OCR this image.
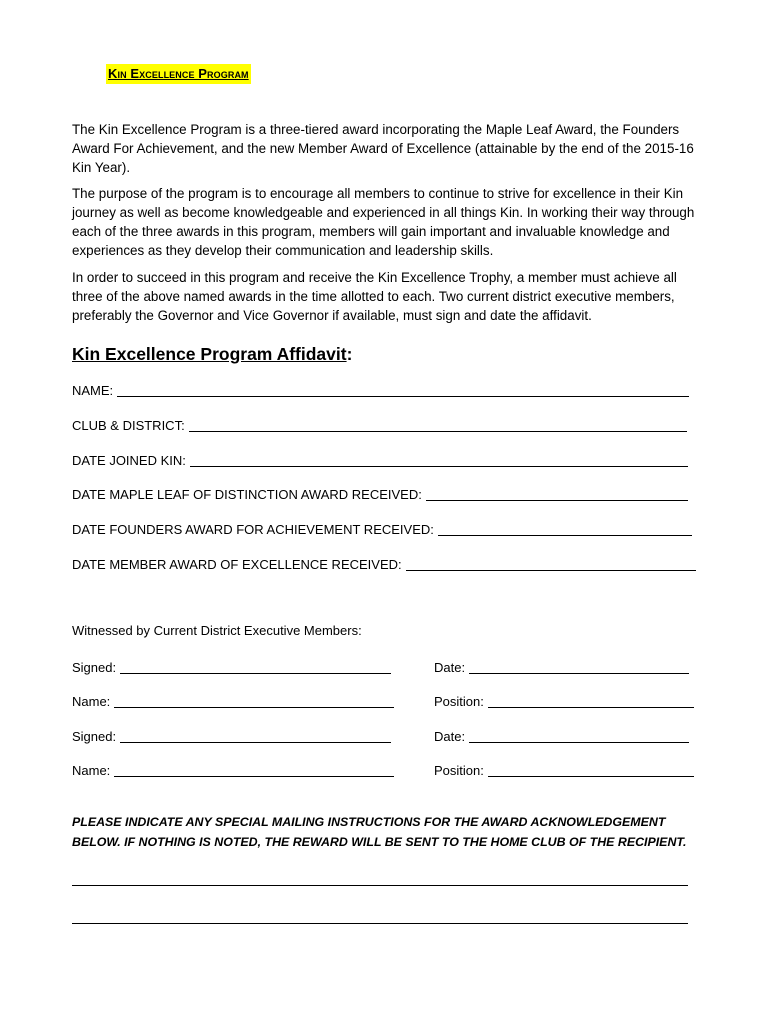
Kin Excellence Program

The Kin Excellence Program is a three-tiered award incorporating the Maple Leaf Award, the Founders Award For Achievement, and the new Member Award of Excellence (attainable by the end of the 2015-16 Kin Year).

The purpose of the program is to encourage all members to continue to strive for excellence in their Kin journey as well as become knowledgeable and experienced in all things Kin. In working their way through each of the three awards in this program, members will gain important and invaluable knowledge and experiences as they develop their communication and leadership skills.

In order to succeed in this program and receive the Kin Excellence Trophy, a member must achieve all three of the above named awards in the time allotted to each. Two current district executive members, preferably the Governor and Vice Governor if available, must sign and date the affidavit.

Kin Excellence Program Affidavit:
NAME:
CLUB & DISTRICT:
DATE JOINED KIN:
DATE MAPLE LEAF OF DISTINCTION AWARD RECEIVED:
DATE FOUNDERS AWARD FOR ACHIEVEMENT RECEIVED:
DATE MEMBER AWARD OF EXCELLENCE RECEIVED:
Witnessed by Current District Executive Members:
Signed:
Name:
Signed:
Name:
Date:
Position:
Date:
Position:

PLEASE INDICATE ANY SPECIAL MAILING INSTRUCTIONS FOR THE AWARD ACKNOWLEDGEMENT BELOW. IF NOTHING IS NOTED, THE REWARD WILL BE SENT TO THE HOME CLUB OF THE RECIPIENT.
